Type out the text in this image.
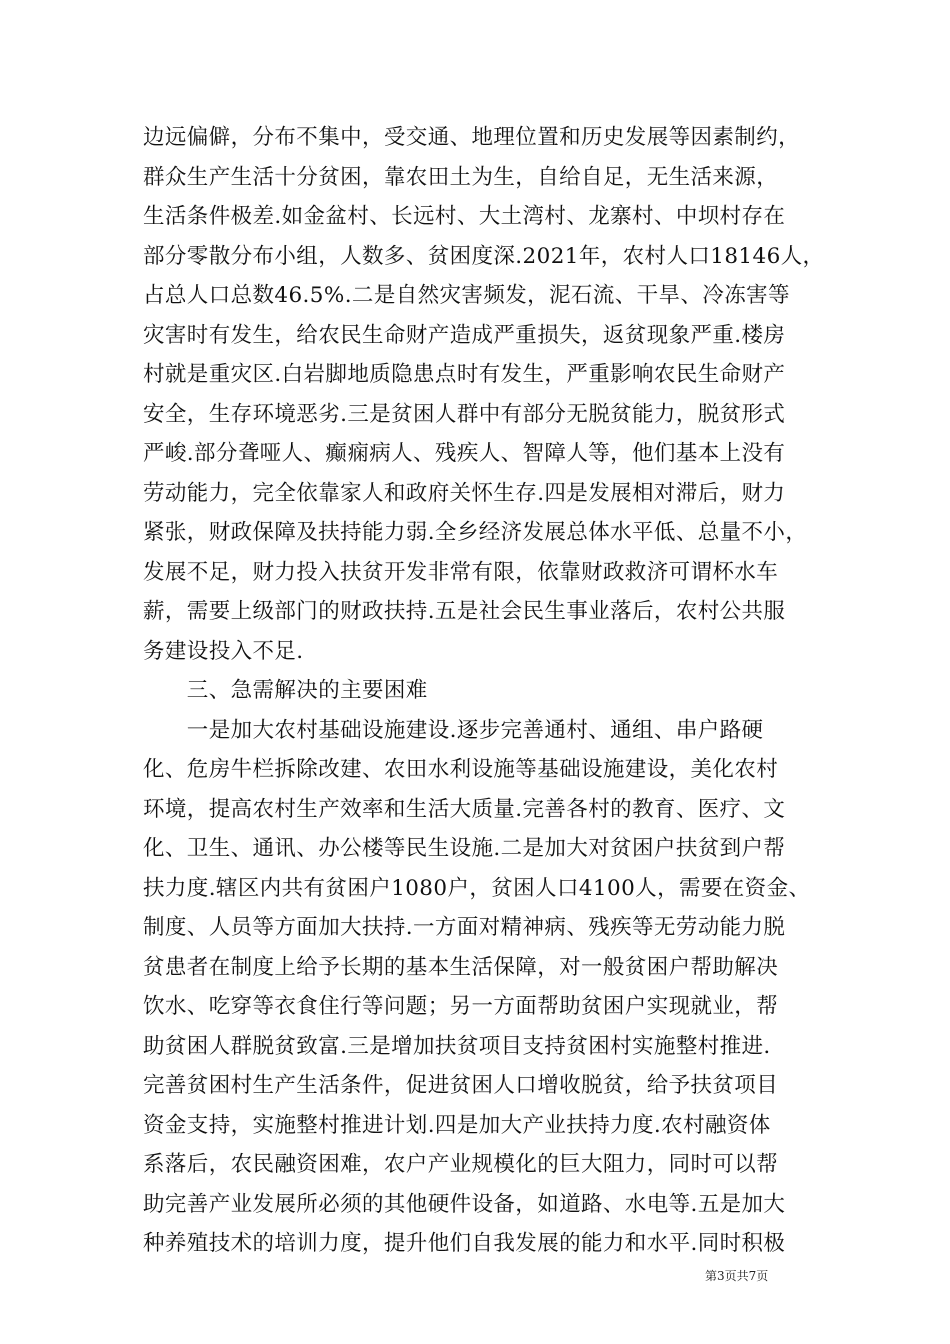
边远偏僻，分布不集中，受交通、地理位置和历史发展等因素制约，
群众生产生活十分贫困，靠农田土为生，自给自足，无生活来源，
生活条件极差.如金盆村、长远村、大土湾村、龙寨村、中坝村存在
部分零散分布小组，人数多、贫困度深.2021年，农村人口18146人，
占总人口总数46.5%.二是自然灾害频发，泥石流、干旱、冷冻害等
灾害时有发生，给农民生命财产造成严重损失，返贫现象严重.楼房
村就是重灾区.白岩脚地质隐患点时有发生，严重影响农民生命财产
安全，生存环境恶劣.三是贫困人群中有部分无脱贫能力，脱贫形式
严峻.部分聋哑人、癫痫病人、残疾人、智障人等，他们基本上没有
劳动能力，完全依靠家人和政府关怀生存.四是发展相对滞后，财力
紧张，财政保障及扶持能力弱.全乡经济发展总体水平低、总量不小，
发展不足，财力投入扶贫开发非常有限，依靠财政救济可谓杯水车
薪，需要上级部门的财政扶持.五是社会民生事业落后，农村公共服
务建设投入不足.
　　三、急需解决的主要困难
　　一是加大农村基础设施建设.逐步完善通村、通组、串户路硬
化、危房牛栏拆除改建、农田水利设施等基础设施建设，美化农村
环境，提高农村生产效率和生活大质量.完善各村的教育、医疗、文
化、卫生、通讯、办公楼等民生设施.二是加大对贫困户扶贫到户帮
扶力度.辖区内共有贫困户1080户，贫困人口4100人，需要在资金、
制度、人员等方面加大扶持.一方面对精神病、残疾等无劳动能力脱
贫患者在制度上给予长期的基本生活保障，对一般贫困户帮助解决
饮水、吃穿等衣食住行等问题；另一方面帮助贫困户实现就业，帮
助贫困人群脱贫致富.三是增加扶贫项目支持贫困村实施整村推进.
完善贫困村生产生活条件，促进贫困人口增收脱贫，给予扶贫项目
资金支持，实施整村推进计划.四是加大产业扶持力度.农村融资体
系落后，农民融资困难，农户产业规模化的巨大阻力，同时可以帮
助完善产业发展所必须的其他硬件设备，如道路、水电等.五是加大
种养殖技术的培训力度，提升他们自我发展的能力和水平.同时积极
第3页共7页
